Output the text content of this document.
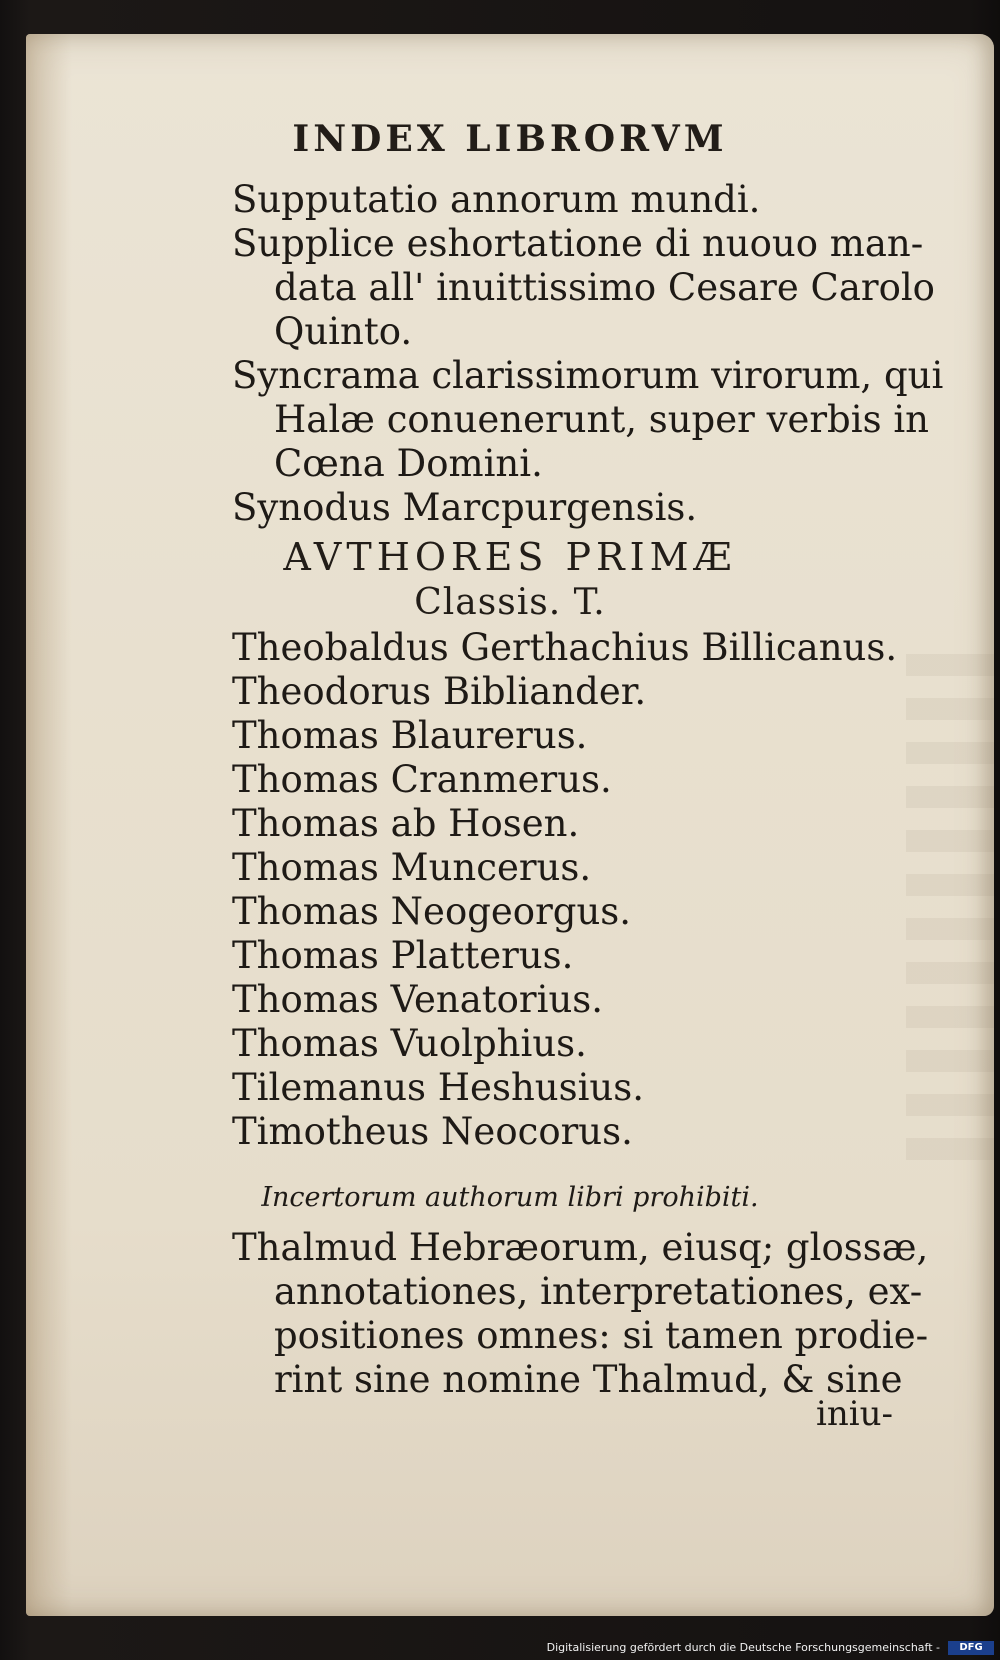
INDEX LIBRORVM
Supputatio annorum mundi.
Supplice eshortatione di nuouo man-
data all' inuittissimo Cesare Carolo
Quinto.
Syncrama clarissimorum virorum, qui
Halæ conuenerunt, super verbis in
Cœna Domini.
Synodus Marcpurgensis.
AVTHORES PRIMÆ
Classis. T.
Theobaldus Gerthachius Billicanus.
Theodorus Bibliander.
Thomas Blaurerus.
Thomas Cranmerus.
Thomas ab Hosen.
Thomas Muncerus.
Thomas Neogeorgus.
Thomas Platterus.
Thomas Venatorius.
Thomas Vuolphius.
Tilemanus Heshusius.
Timotheus Neocorus.
Incertorum authorum libri prohibiti.
Thalmud Hebræorum, eiusq; glossæ,
annotationes, interpretationes, ex-
positiones omnes: si tamen prodie-
rint sine nomine Thalmud, & sine
iniu-
Digitalisierung gefördert durch die Deutsche Forschungsgemeinschaft -	DFG
